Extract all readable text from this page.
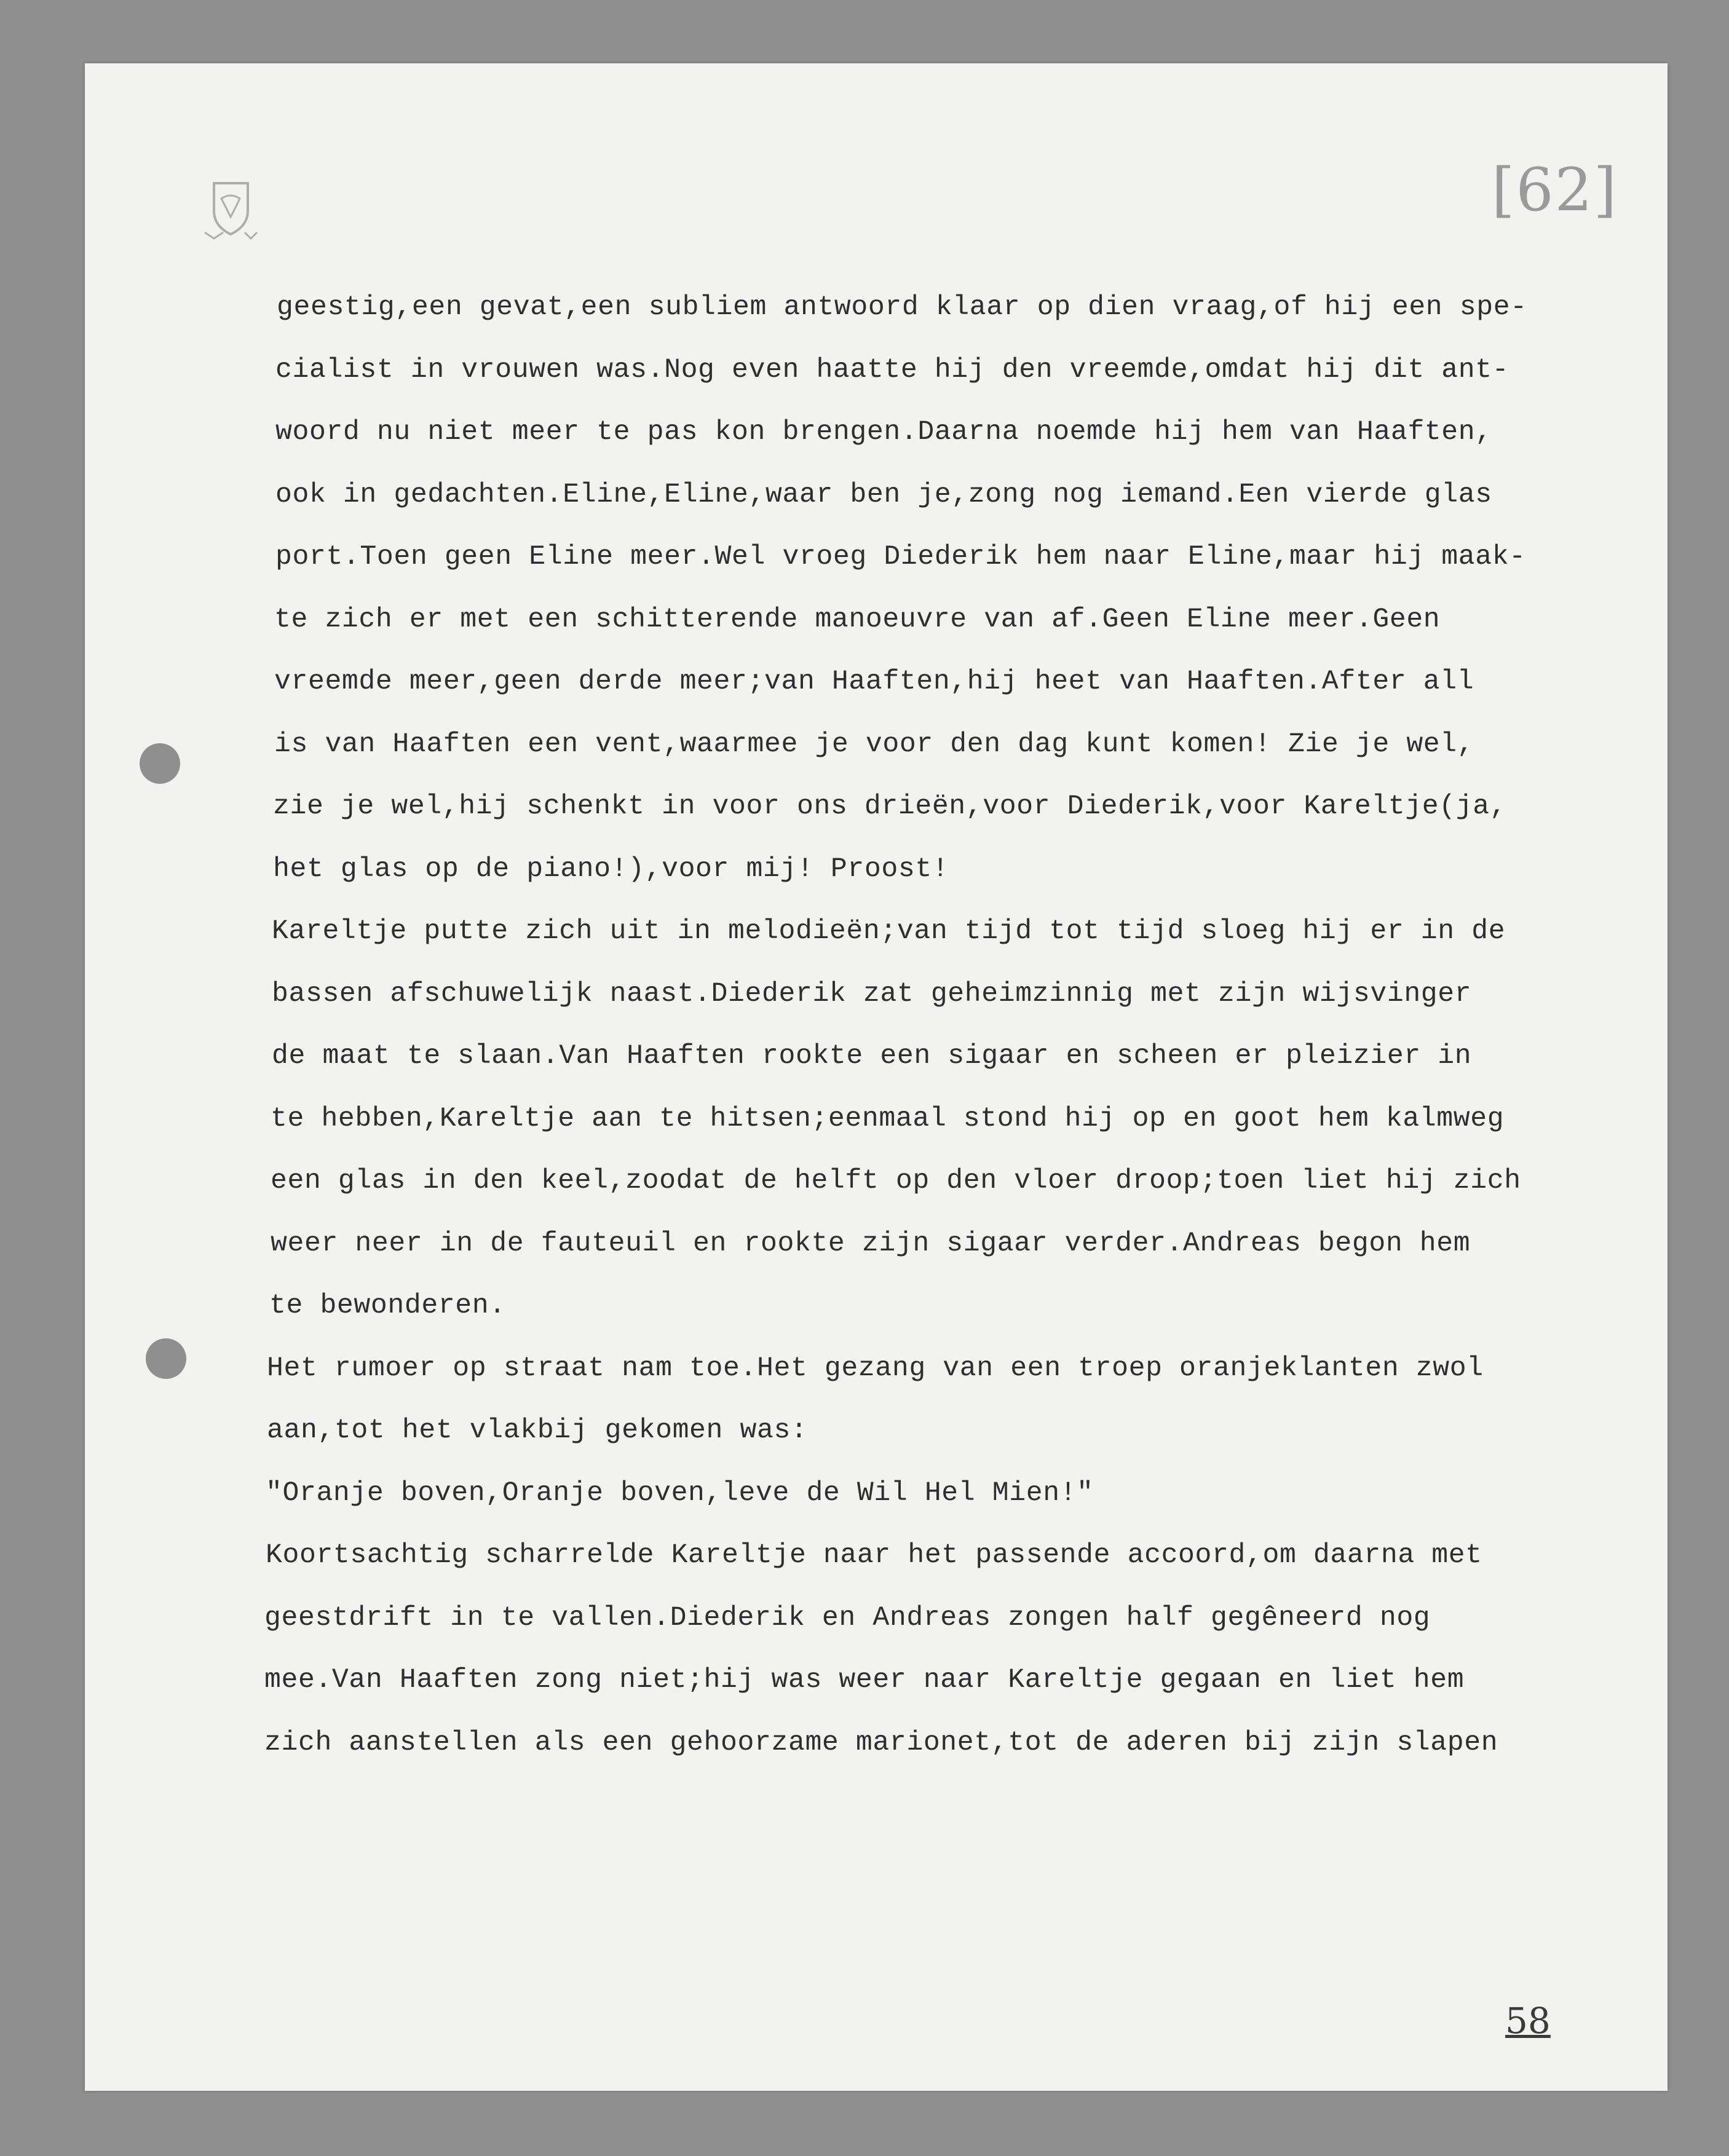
[62]
58
geestig,een gevat,een subliem antwoord klaar op dien vraag,of hij een spe-
cialist in vrouwen was.Nog even haatte hij den vreemde,omdat hij dit ant-
woord nu niet meer te pas kon brengen.Daarna noemde hij hem van Haaften,
ook in gedachten.Eline,Eline,waar ben je,zong nog iemand.Een vierde glas
port.Toen geen Eline meer.Wel vroeg Diederik hem naar Eline,maar hij maak-
te zich er met een schitterende manoeuvre van af.Geen Eline meer.Geen
vreemde meer,geen derde meer;van Haaften,hij heet van Haaften.After all
is van Haaften een vent,waarmee je voor den dag kunt komen! Zie je wel,
zie je wel,hij schenkt in voor ons drieën,voor Diederik,voor Kareltje(ja,
het glas op de piano!),voor mij! Proost!
Kareltje putte zich uit in melodieën;van tijd tot tijd sloeg hij er in de
bassen afschuwelijk naast.Diederik zat geheimzinnig met zijn wijsvinger
de maat te slaan.Van Haaften rookte een sigaar en scheen er pleizier in
te hebben,Kareltje aan te hitsen;eenmaal stond hij op en goot hem kalmweg
een glas in den keel,zoodat de helft op den vloer droop;toen liet hij zich
weer neer in de fauteuil en rookte zijn sigaar verder.Andreas begon hem
te bewonderen.
Het rumoer op straat nam toe.Het gezang van een troep oranjeklanten zwol
aan,tot het vlakbij gekomen was:
"Oranje boven,Oranje boven,leve de Wil Hel Mien!"
Koortsachtig scharrelde Kareltje naar het passende accoord,om daarna met
geestdrift in te vallen.Diederik en Andreas zongen half gegêneerd nog
mee.Van Haaften zong niet;hij was weer naar Kareltje gegaan en liet hem
zich aanstellen als een gehoorzame marionet,tot de aderen bij zijn slapen
